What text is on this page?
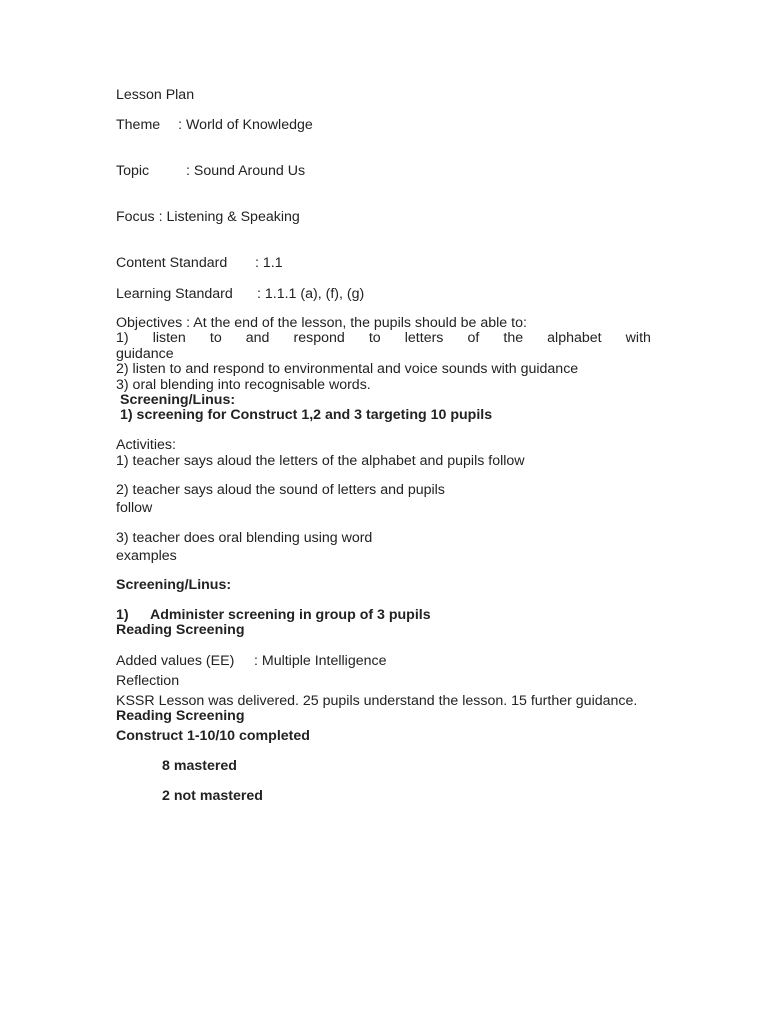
Lesson Plan
Theme : World of Knowledge
Topic	: Sound Around Us
Focus : Listening & Speaking
Content Standard : 1.1
Learning Standard : 1.1.1 (a), (f), (g)
Objectives : At the end of the lesson, the pupils should be able to:
1) listen to and respond to letters of the alphabet with
guidance
2) listen to and respond to environmental and voice sounds with guidance
3) oral blending into recognisable words.
Screening/Linus:
1) screening for Construct 1,2 and 3 targeting 10 pupils
Activities:
1) teacher says aloud the letters of the alphabet and pupils follow
2) teacher says aloud the sound of letters and pupils
follow
3) teacher does oral blending using word
examples
Screening/Linus:
1) Administer screening in group of 3 pupils
Reading Screening
Added values (EE) : Multiple Intelligence
Reflection
KSSR Lesson was delivered. 25 pupils understand the lesson. 15 further guidance.
Reading Screening
Construct 1-10/10 completed
8 mastered
2 not mastered
